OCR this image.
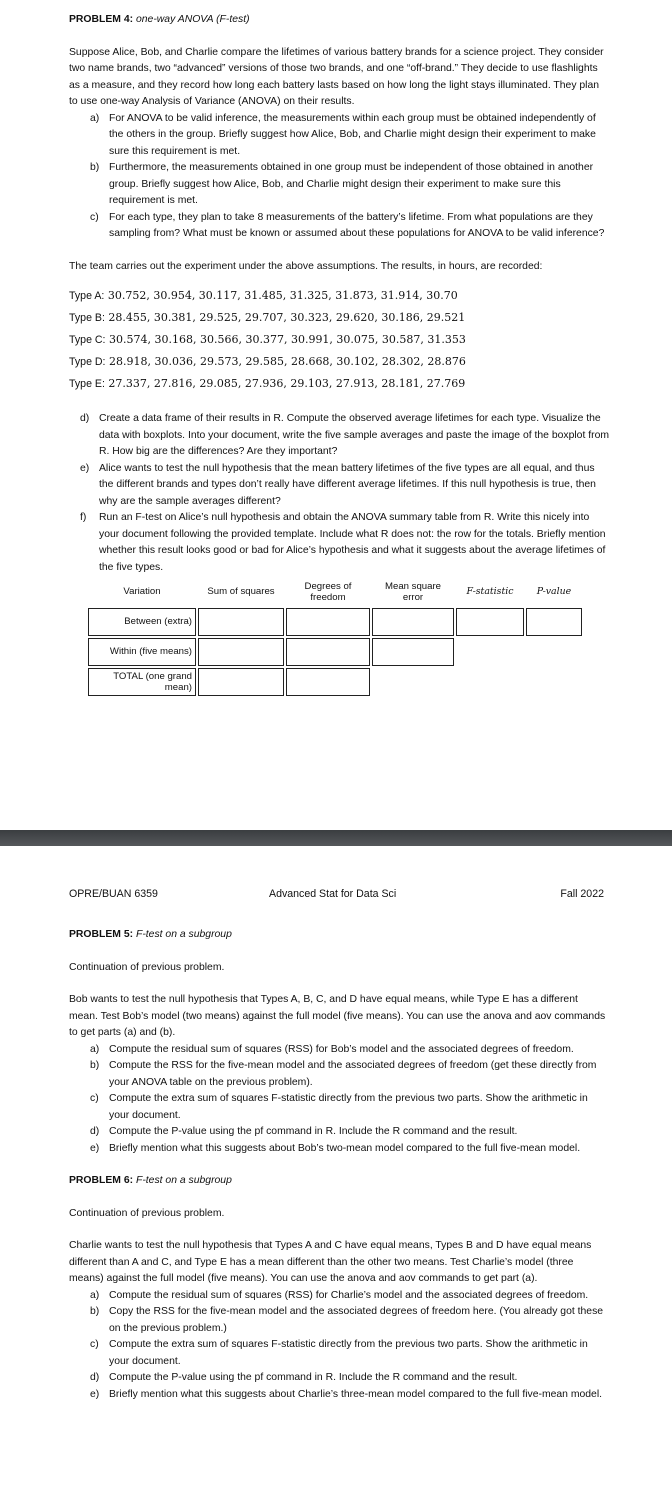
PROBLEM 4: one-way ANOVA (F-test)

Suppose Alice, Bob, and Charlie compare the lifetimes of various battery brands for a science project. They consider two name brands, two “advanced” versions of those two brands, and one “off-brand.” They decide to use flashlights as a measure, and they record how long each battery lasts based on how long the light stays illuminated. They plan to use one-way Analysis of Variance (ANOVA) on their results.

a) For ANOVA to be valid inference, the measurements within each group must be obtained independently of the others in the group. Briefly suggest how Alice, Bob, and Charlie might design their experiment to make sure this requirement is met.
b) Furthermore, the measurements obtained in one group must be independent of those obtained in another group. Briefly suggest how Alice, Bob, and Charlie might design their experiment to make sure this requirement is met.
c) For each type, they plan to take 8 measurements of the battery’s lifetime. From what populations are they sampling from? What must be known or assumed about these populations for ANOVA to be valid inference?

The team carries out the experiment under the above assumptions. The results, in hours, are recorded:

Type A: 30.752, 30.954, 30.117, 31.485, 31.325, 31.873, 31.914, 30.70
Type B: 28.455, 30.381, 29.525, 29.707, 30.323, 29.620, 30.186, 29.521
Type C: 30.574, 30.168, 30.566, 30.377, 30.991, 30.075, 30.587, 31.353
Type D: 28.918, 30.036, 29.573, 29.585, 28.668, 30.102, 28.302, 28.876
Type E: 27.337, 27.816, 29.085, 27.936, 29.103, 27.913, 28.181, 27.769
d) Create a data frame of their results in R. Compute the observed average lifetimes for each type. Visualize the data with boxplots. Into your document, write the five sample averages and paste the image of the boxplot from R. How big are the differences? Are they important?
e) Alice wants to test the null hypothesis that the mean battery lifetimes of the five types are all equal, and thus the different brands and types don’t really have different average lifetimes. If this null hypothesis is true, then why are the sample averages different?
f) Run an F-test on Alice’s null hypothesis and obtain the ANOVA summary table from R. Write this nicely into your document following the provided template. Include what R does not: the row for the totals. Briefly mention whether this result looks good or bad for Alice’s hypothesis and what it suggests about the average lifetimes of the five types.
Variation	Sum of squares	Degrees of freedom	Mean square error	F-statistic	P-value
Between (extra)					
Within (five means)					
TOTAL (one grand mean)					
OPRE/BUAN 6359	Advanced Stat for Data Sci	Fall 2022
PROBLEM 5: F-test on a subgroup

Continuation of previous problem.

Bob wants to test the null hypothesis that Types A, B, C, and D have equal means, while Type E has a different mean. Test Bob’s model (two means) against the full model (five means). You can use the anova and aov commands to get parts (a) and (b).

a) Compute the residual sum of squares (RSS) for Bob’s model and the associated degrees of freedom.
b) Compute the RSS for the five-mean model and the associated degrees of freedom (get these directly from your ANOVA table on the previous problem).
c) Compute the extra sum of squares F-statistic directly from the previous two parts. Show the arithmetic in your document.
d) Compute the P-value using the pf command in R. Include the R command and the result.
e) Briefly mention what this suggests about Bob’s two-mean model compared to the full five-mean model.
PROBLEM 6: F-test on a subgroup

Continuation of previous problem.

Charlie wants to test the null hypothesis that Types A and C have equal means, Types B and D have equal means different than A and C, and Type E has a mean different than the other two means. Test Charlie’s model (three means) against the full model (five means). You can use the anova and aov commands to get part (a).

a) Compute the residual sum of squares (RSS) for Charlie’s model and the associated degrees of freedom.
b) Copy the RSS for the five-mean model and the associated degrees of freedom here. (You already got these on the previous problem.)
c) Compute the extra sum of squares F-statistic directly from the previous two parts. Show the arithmetic in your document.
d) Compute the P-value using the pf command in R. Include the R command and the result.
e) Briefly mention what this suggests about Charlie’s three-mean model compared to the full five-mean model.
